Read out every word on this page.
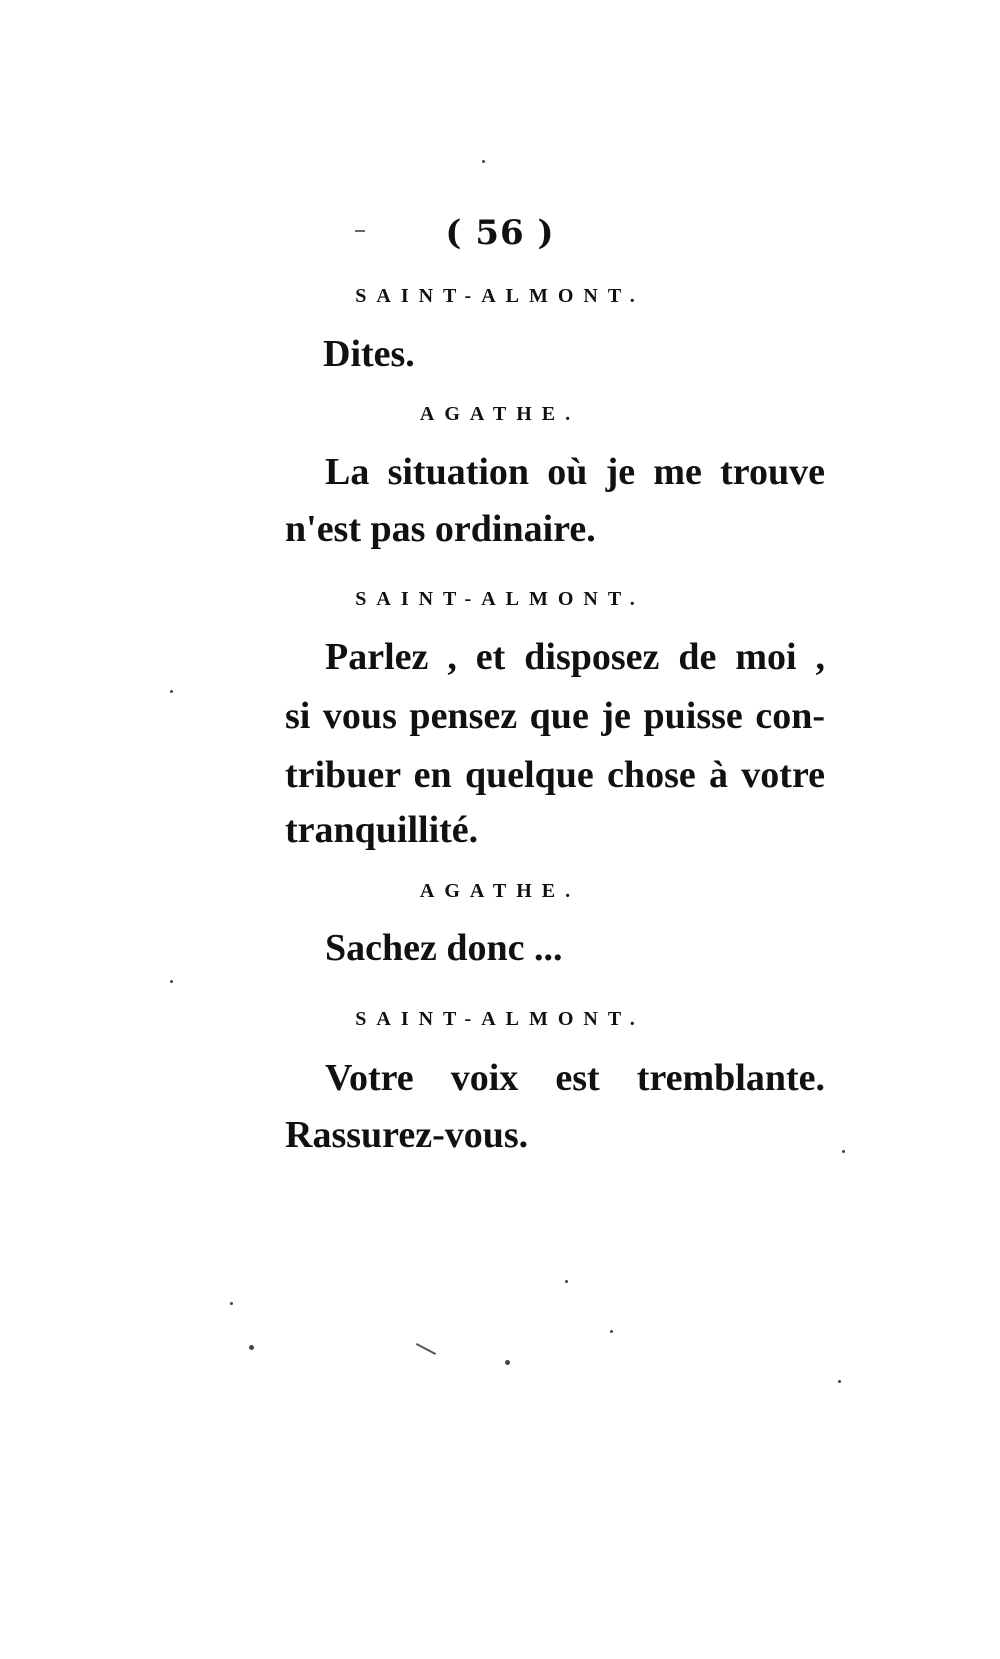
( 56 )
SAINT-ALMONT.
Dites.
AGATHE.
La situation où je me trouve
n'est pas ordinaire.
SAINT-ALMONT.
Parlez , et disposez de moi ,
si vous pensez que je puisse con-
tribuer en quelque chose à votre
tranquillité.
AGATHE.
Sachez donc ...
SAINT-ALMONT.
Votre voix est tremblante.
Rassurez-vous.
